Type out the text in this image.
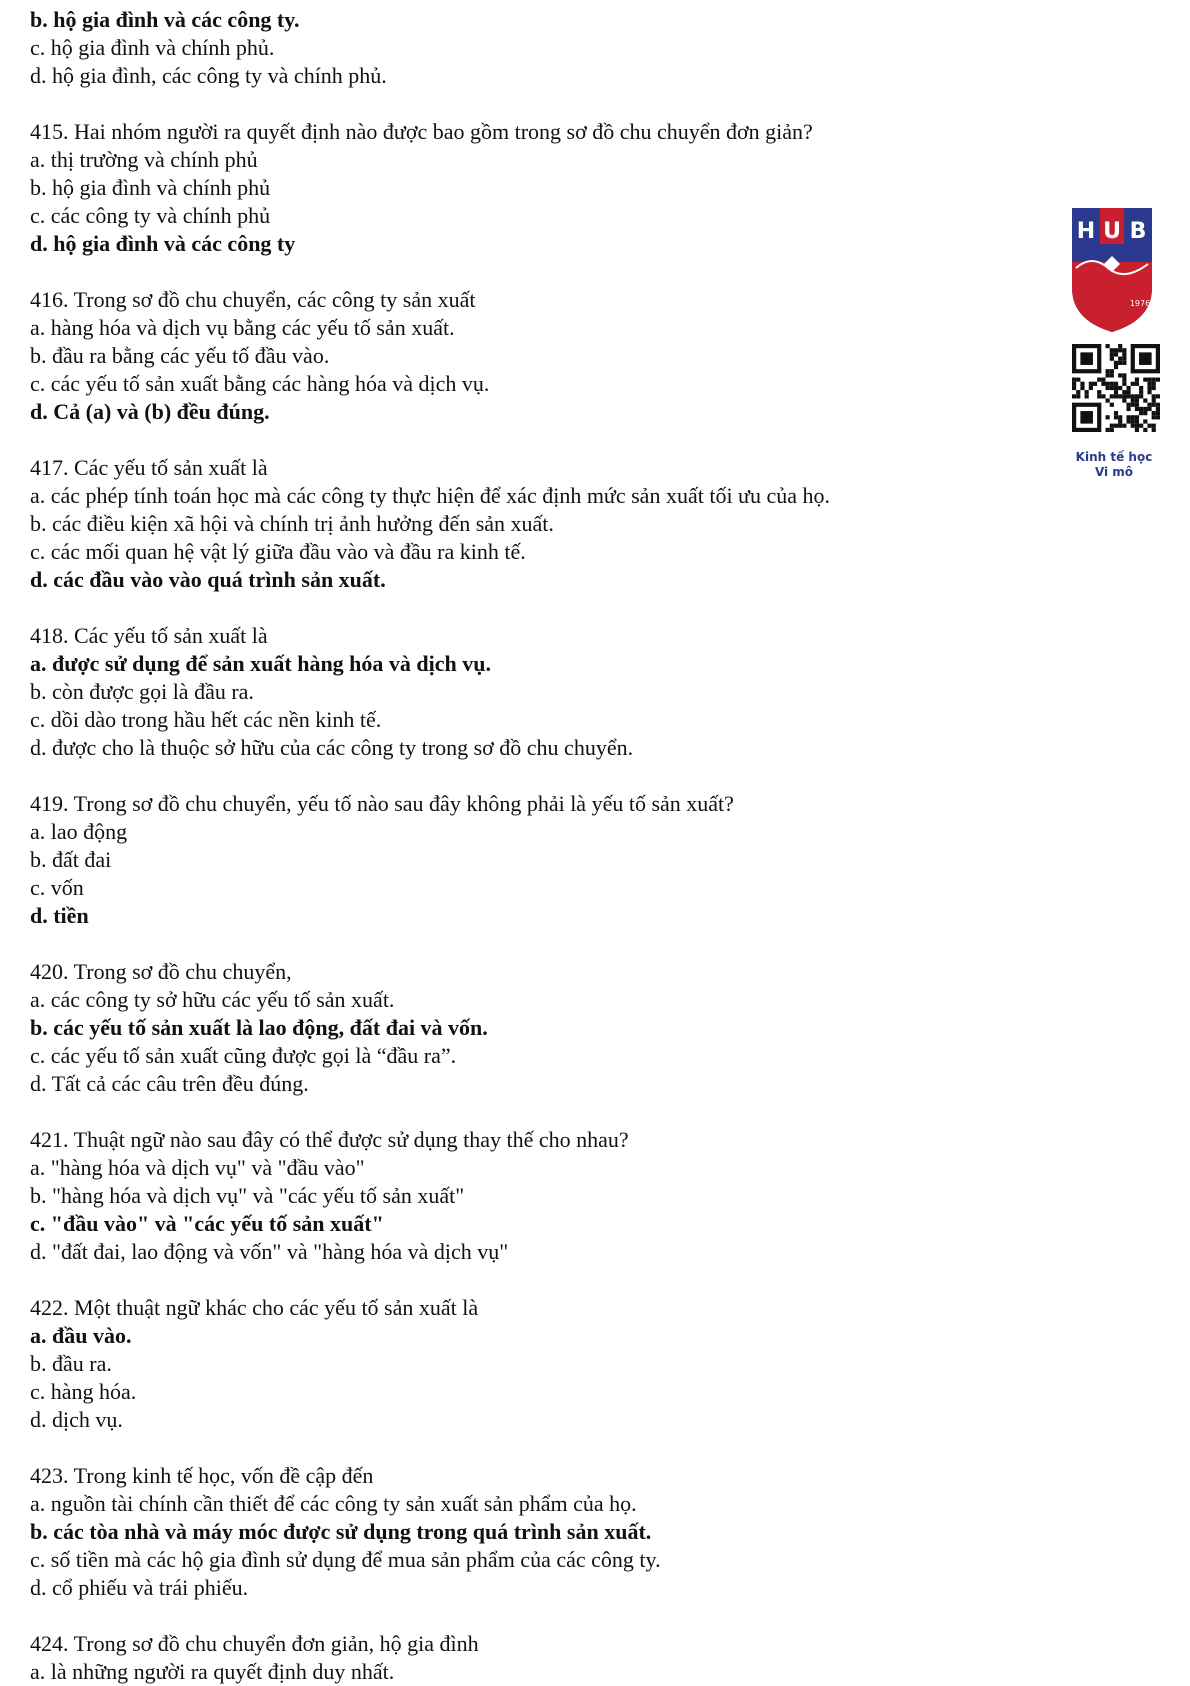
b. hộ gia đình và các công ty.
c. hộ gia đình và chính phủ.
d. hộ gia đình, các công ty và chính phủ.
415. Hai nhóm người ra quyết định nào được bao gồm trong sơ đồ chu chuyển đơn giản?
a. thị trường và chính phủ
b. hộ gia đình và chính phủ
c. các công ty và chính phủ
d. hộ gia đình và các công ty
416. Trong sơ đồ chu chuyển, các công ty sản xuất
a. hàng hóa và dịch vụ bằng các yếu tố sản xuất.
b. đầu ra bằng các yếu tố đầu vào.
c. các yếu tố sản xuất bằng các hàng hóa và dịch vụ.
d. Cả (a) và (b) đều đúng.
417. Các yếu tố sản xuất là
a. các phép tính toán học mà các công ty thực hiện để xác định mức sản xuất tối ưu của họ.
b. các điều kiện xã hội và chính trị ảnh hưởng đến sản xuất.
c. các mối quan hệ vật lý giữa đầu vào và đầu ra kinh tế.
d. các đầu vào vào quá trình sản xuất.
418. Các yếu tố sản xuất là
a. được sử dụng để sản xuất hàng hóa và dịch vụ.
b. còn được gọi là đầu ra.
c. dồi dào trong hầu hết các nền kinh tế.
d. được cho là thuộc sở hữu của các công ty trong sơ đồ chu chuyển.
419. Trong sơ đồ chu chuyển, yếu tố nào sau đây không phải là yếu tố sản xuất?
a. lao động
b. đất đai
c. vốn
d. tiền
420. Trong sơ đồ chu chuyển,
a. các công ty sở hữu các yếu tố sản xuất.
b. các yếu tố sản xuất là lao động, đất đai và vốn.
c. các yếu tố sản xuất cũng được gọi là “đầu ra”.
d. Tất cả các câu trên đều đúng.
421. Thuật ngữ nào sau đây có thể được sử dụng thay thế cho nhau?
a. "hàng hóa và dịch vụ" và "đầu vào"
b. "hàng hóa và dịch vụ" và "các yếu tố sản xuất"
c. "đầu vào" và "các yếu tố sản xuất"
d. "đất đai, lao động và vốn" và "hàng hóa và dịch vụ"
422. Một thuật ngữ khác cho các yếu tố sản xuất là
a. đầu vào.
b. đầu ra.
c. hàng hóa.
d. dịch vụ.
423. Trong kinh tế học, vốn đề cập đến
a. nguồn tài chính cần thiết để các công ty sản xuất sản phẩm của họ.
b. các tòa nhà và máy móc được sử dụng trong quá trình sản xuất.
c. số tiền mà các hộ gia đình sử dụng để mua sản phẩm của các công ty.
d. cổ phiếu và trái phiếu.
424. Trong sơ đồ chu chuyển đơn giản, hộ gia đình
a. là những người ra quyết định duy nhất.
H U B
1976
Kinh tế học
Vi mô
